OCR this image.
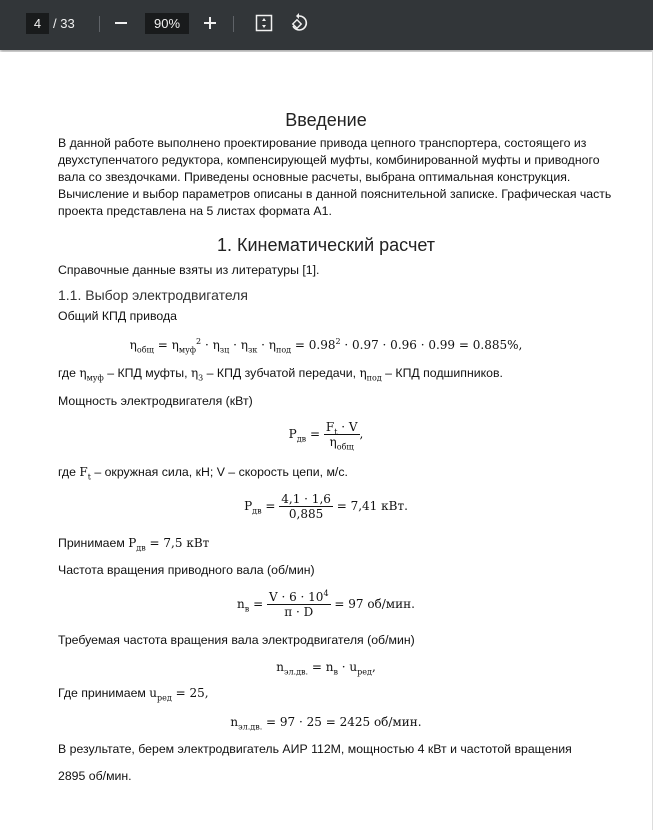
4 / 33	90%
Введение
В данной работе выполнено проектирование привода цепного транспортера, состоящего из
двухступенчатого редуктора, компенсирующей муфты, комбинированной муфты и приводного
вала со звездочками. Приведены основные расчеты, выбрана оптимальная конструкция.
Вычисление и выбор параметров описаны в данной пояснительной записке. Графическая часть
проекта представлена на 5 листах формата А1.
1. Кинематический расчет
Справочные данные взяты из литературы [1].
1.1. Выбор электродвигателя
Общий КПД привода
$\eta_{общ} = \eta_{муф}^2 \cdot \eta_{зц} \cdot \eta_{зк} \cdot \eta_{под} = 0.98^2 \cdot 0.97 \cdot 0.96 \cdot 0.99 = 0.885\%$,
где $\eta_{муф}$ – КПД муфты, $\eta_3$ – КПД зубчатой передачи, $\eta_{под}$ – КПД подшипников.
Мощность электродвигателя (кВт)
$P_{дв} = \frac{F_t \cdot V}{\eta_{общ}}$ ,
где $F_t$ – окружная сила, кН; V – скорость цепи, м/с.
$P_{дв} = \frac{4,1 \cdot 1,6}{0,885} = 7,41$ кВт.
Принимаем $P_{дв} = 7,5$ кВт
Частота вращения приводного вала (об/мин)
$n_в = \frac{V \cdot 6 \cdot 10^4}{\pi \cdot D} = 97$ об/мин.
Требуемая частота вращения вала электродвигателя (об/мин)
$n_{эл.дв.} = n_в \cdot u_{ред}$,
Где принимаем $u_{ред} = 25$,
$n_{эл.дв.} = 97 \cdot 25 = 2425$ об/мин.
В результате, берем электродвигатель АИР 112М, мощностью 4 кВт и частотой вращения
2895 об/мин.
